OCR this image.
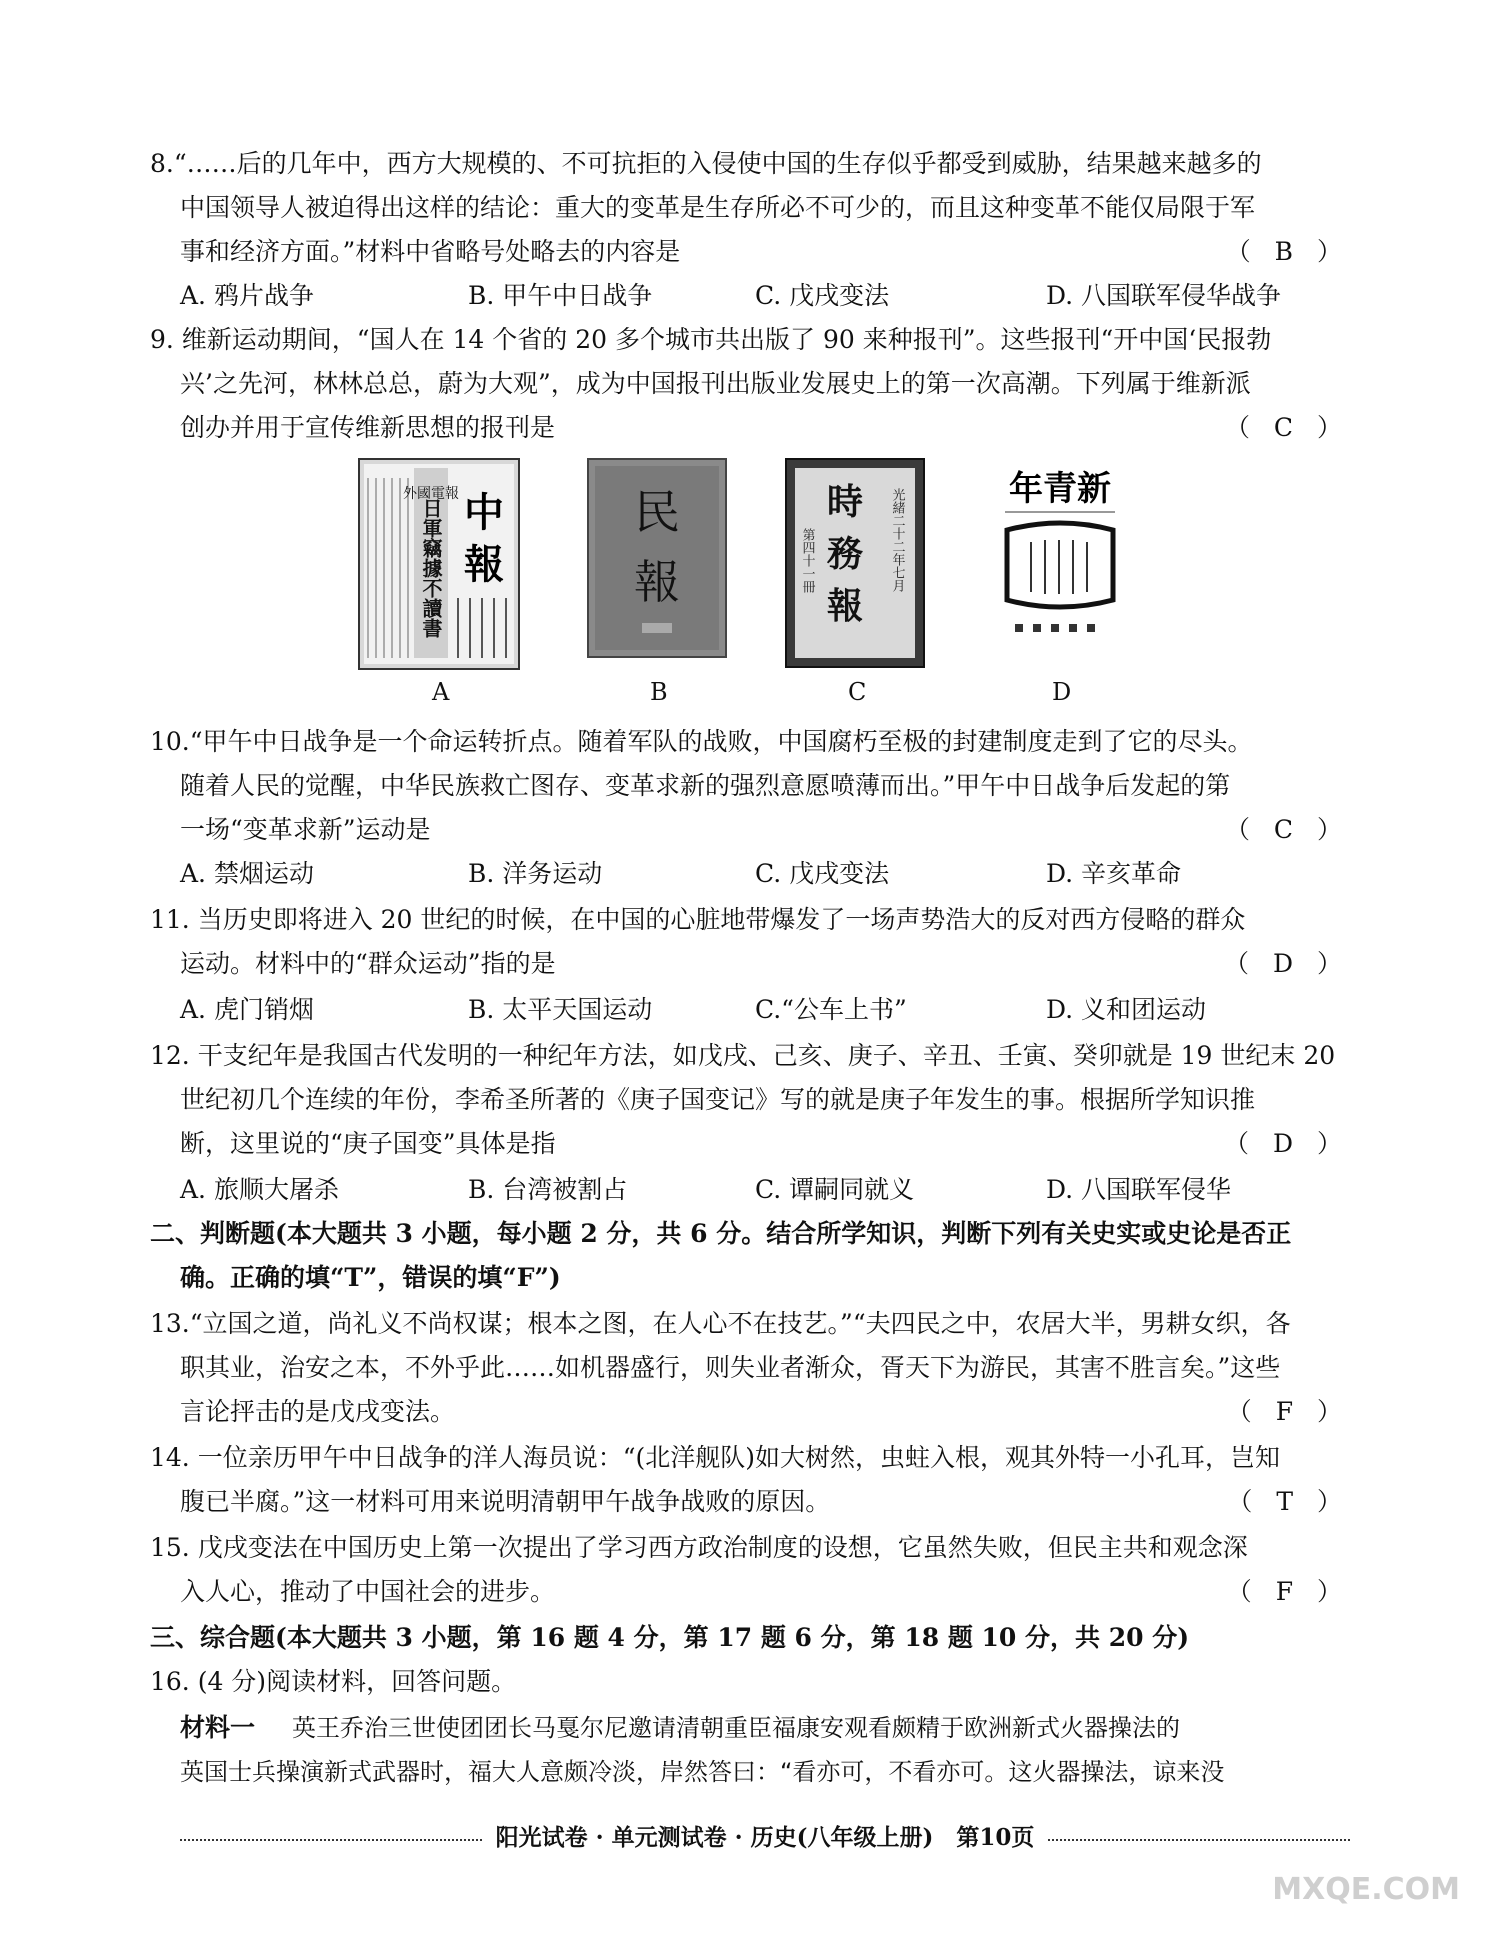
8.“……后的几年中，西方大规模的、不可抗拒的入侵使中国的生存似乎都受到威胁，结果越来越多的
中国领导人被迫得出这样的结论：重大的变革是生存所必不可少的，而且这种变革不能仅局限于军
事和经济方面。”材料中省略号处略去的内容是	（ B ）
A. 鸦片战争	B. 甲午中日战争	C. 戊戌变法	D. 八国联军侵华战争
9. 维新运动期间，“国人在 14 个省的 20 多个城市共出版了 90 来种报刊”。这些报刊“开中国‘民报勃
兴’之先河，林林总总，蔚为大观”，成为中国报刊出版业发展史上的第一次高潮。下列属于维新派
创办并用于宣传维新思想的报刊是	（ C ）
外國電報
日軍竊據不讀書 中
報
A
民
報
B
時
務
報
光緒二十二年七月
第四十一冊
C
年青新
D
10.“甲午中日战争是一个命运转折点。随着军队的战败，中国腐朽至极的封建制度走到了它的尽头。
随着人民的觉醒，中华民族救亡图存、变革求新的强烈意愿喷薄而出。”甲午中日战争后发起的第
一场“变革求新”运动是	（ C ）
A. 禁烟运动	B. 洋务运动	C. 戊戌变法	D. 辛亥革命
11. 当历史即将进入 20 世纪的时候，在中国的心脏地带爆发了一场声势浩大的反对西方侵略的群众
运动。材料中的“群众运动”指的是	（ D ）
A. 虎门销烟	B. 太平天国运动	C.“公车上书”	D. 义和团运动
12. 干支纪年是我国古代发明的一种纪年方法，如戊戌、己亥、庚子、辛丑、壬寅、癸卯就是 19 世纪末 20
世纪初几个连续的年份，李希圣所著的《庚子国变记》写的就是庚子年发生的事。根据所学知识推
断，这里说的“庚子国变”具体是指	（ D ）
A. 旅顺大屠杀	B. 台湾被割占	C. 谭嗣同就义	D. 八国联军侵华
二、判断题(本大题共 3 小题，每小题 2 分，共 6 分。结合所学知识，判断下列有关史实或史论是否正
确。正确的填“T”，错误的填“F”)
13.“立国之道，尚礼义不尚权谋；根本之图，在人心不在技艺。”“夫四民之中，农居大半，男耕女织，各
职其业，治安之本，不外乎此……如机器盛行，则失业者渐众，胥天下为游民，其害不胜言矣。”这些
言论抨击的是戊戌变法。	（ F ）
14. 一位亲历甲午中日战争的洋人海员说：“(北洋舰队)如大树然，虫蛀入根，观其外特一小孔耳，岂知
腹已半腐。”这一材料可用来说明清朝甲午战争战败的原因。	（ T ）
15. 戊戌变法在中国历史上第一次提出了学习西方政治制度的设想，它虽然失败，但民主共和观念深
入人心，推动了中国社会的进步。	（ F ）
三、综合题(本大题共 3 小题，第 16 题 4 分，第 17 题 6 分，第 18 题 10 分，共 20 分)
16. (4 分)阅读材料，回答问题。
材料一 英王乔治三世使团团长马戛尔尼邀请清朝重臣福康安观看颇精于欧洲新式火器操法的
英国士兵操演新式武器时，福大人意颇冷淡，岸然答曰：“看亦可，不看亦可。这火器操法，谅来没
阳光试卷 · 单元测试卷 · 历史(八年级上册)　第10页
MXQE.COM
